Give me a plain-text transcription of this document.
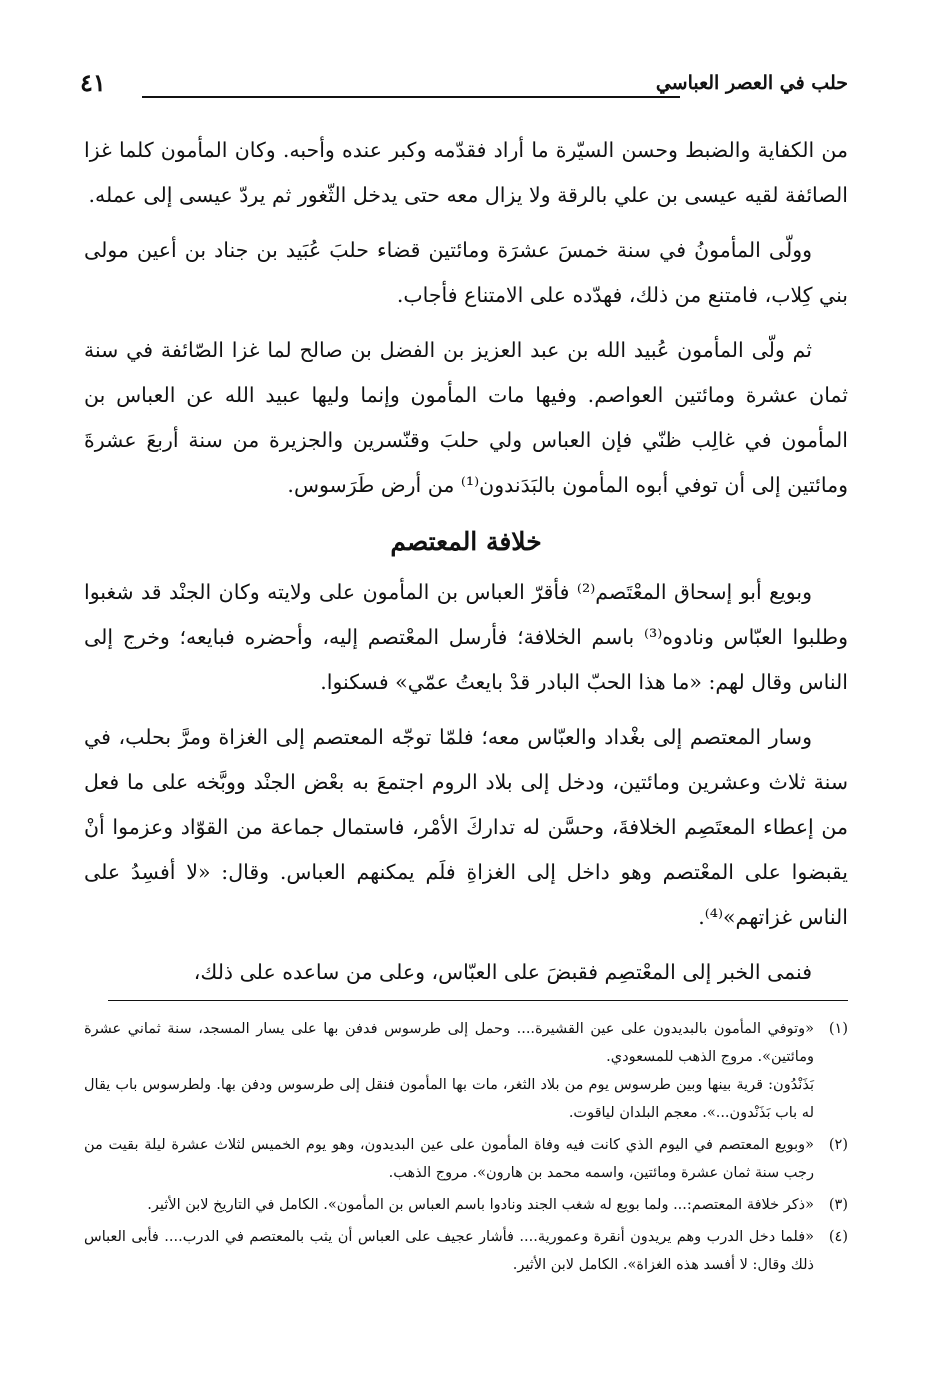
حلب في العصر العباسي
٤١

من الكفاية والضبط وحسن السيّرة ما أراد فقدّمه وكبر عنده وأحبه. وكان المأمون كلما غزا الصائفة لقيه عيسى بن علي بالرقة ولا يزال معه حتى يدخل الثّغور ثم يردّ عيسى إلى عمله.

وولّى المأمونُ في سنة خمسَ عشرَة ومائتين قضاء حلبَ عُبَيد بن جناد بن أعين مولى بني كِلاب، فامتنع من ذلك، فهدّده على الامتناع فأجاب.

ثم ولّى المأمون عُبيد الله بن عبد العزيز بن الفضل بن صالح لما غزا الصّائفة في سنة ثمان عشرة ومائتين العواصم. وفيها مات المأمون وإنما وليها عبيد الله عن العباس بن المأمون في غالِب ظنّي فإن العباس ولي حلبَ وقنّسرين والجزيرة من سنة أربعَ عشرةَ ومائتين إلى أن توفي أبوه المأمون بالبَدَندون⁽¹⁾ من أرض طَرَسوس.

خلافة المعتصم

وبويع أبو إسحاق المعْتَصم⁽²⁾ فأقرّ العباس بن المأمون على ولايته وكان الجنْد قد شغبوا وطلبوا العبّاس ونادوه⁽³⁾ باسم الخلافة؛ فأرسل المعْتصم إليه، وأحضره فبايعه؛ وخرج إلى الناس وقال لهم: «ما هذا الحبّ البادر قدْ بايعتُ عمّي» فسكنوا.

وسار المعتصم إلى بغْداد والعبّاس معه؛ فلمّا توجّه المعتصم إلى الغزاة ومرَّ بحلب، في سنة ثلاث وعشرين ومائتين، ودخل إلى بلاد الروم اجتمعَ به بعْض الجنْد ووبَّخه على ما فعل من إعطاء المعتَصِم الخلافةَ، وحسَّن له تداركَ الأمْر، فاستمال جماعة من القوّاد وعزموا أنْ يقبضوا على المعْتصم وهو داخل إلى الغزاةِ فلَم يمكنهم العباس. وقال: «لا أفسِدُ على الناس غزاتهم»⁽⁴⁾.

فنمى الخبر إلى المعْتصِم فقبضَ على العبّاس، وعلى من ساعده على ذلك،

(١)

«وتوفي المأمون بالبديدون على عين القشيرة.... وحمل إلى طرسوس فدفن بها على يسار المسجد، سنة ثماني عشرة ومائتين». مروج الذهب للمسعودي.

بَذَنْدُون: قرية بينها وبين طرسوس يوم من بلاد الثغر، مات بها المأمون فنقل إلى طرسوس ودفن بها. ولطرسوس باب يقال له باب بَذَنْدون...». معجم البلدان لياقوت.

(٢)

«وبويع المعتصم في اليوم الذي كانت فيه وفاة المأمون على عين البديدون، وهو يوم الخميس لثلاث عشرة ليلة بقيت من رجب سنة ثمان عشرة ومائتين، واسمه محمد بن هارون». مروج الذهب.

(٣)

«ذكر خلافة المعتصم:... ولما بويع له شغب الجند ونادوا باسم العباس بن المأمون». الكامل في التاريخ لابن الأثير.

(٤)

«فلما دخل الدرب وهم يريدون أنقرة وعمورية.... فأشار عجيف على العباس أن يثب بالمعتصم في الدرب.... فأبى العباس ذلك وقال: لا أفسد هذه الغزاة». الكامل لابن الأثير.
